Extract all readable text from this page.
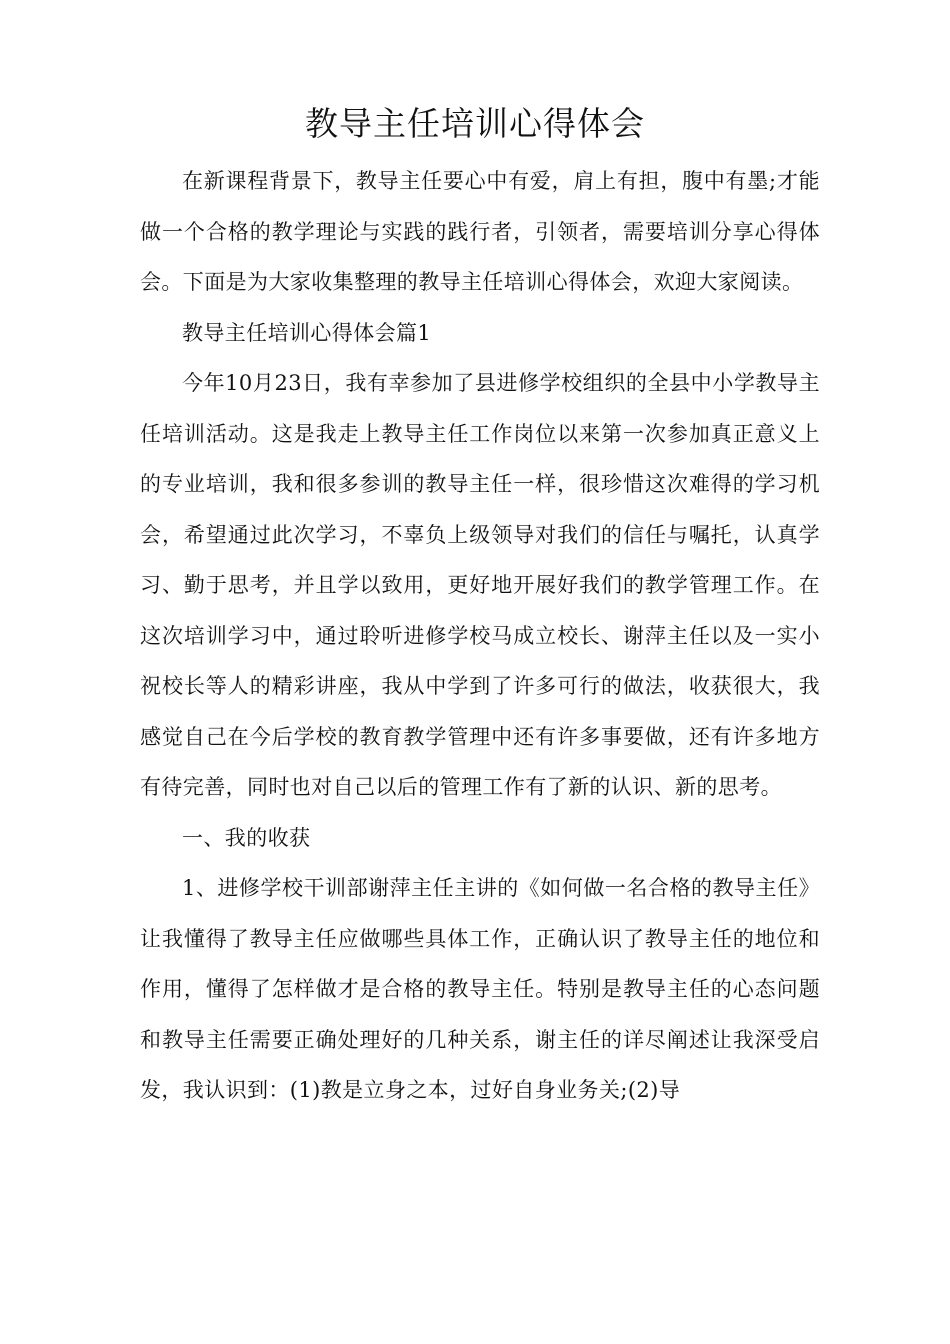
教导主任培训心得体会

在新课程背景下，教导主任要心中有爱，肩上有担，腹中有墨;才能做一个合格的教学理论与实践的践行者，引领者，需要培训分享心得体会。下面是为大家收集整理的教导主任培训心得体会，欢迎大家阅读。

教导主任培训心得体会篇1

今年10月23日，我有幸参加了县进修学校组织的全县中小学教导主任培训活动。这是我走上教导主任工作岗位以来第一次参加真正意义上的专业培训，我和很多参训的教导主任一样，很珍惜这次难得的学习机会，希望通过此次学习，不辜负上级领导对我们的信任与嘱托，认真学习、勤于思考，并且学以致用，更好地开展好我们的教学管理工作。在这次培训学习中，通过聆听进修学校马成立校长、谢萍主任以及一实小祝校长等人的精彩讲座，我从中学到了许多可行的做法，收获很大，我感觉自己在今后学校的教育教学管理中还有许多事要做，还有许多地方有待完善，同时也对自己以后的管理工作有了新的认识、新的思考。

一、我的收获

1、进修学校干训部谢萍主任主讲的《如何做一名合格的教导主任》让我懂得了教导主任应做哪些具体工作，正确认识了教导主任的地位和作用，懂得了怎样做才是合格的教导主任。特别是教导主任的心态问题和教导主任需要正确处理好的几种关系，谢主任的详尽阐述让我深受启发，我认识到：(1)教是立身之本，过好自身业务关;(2)导
